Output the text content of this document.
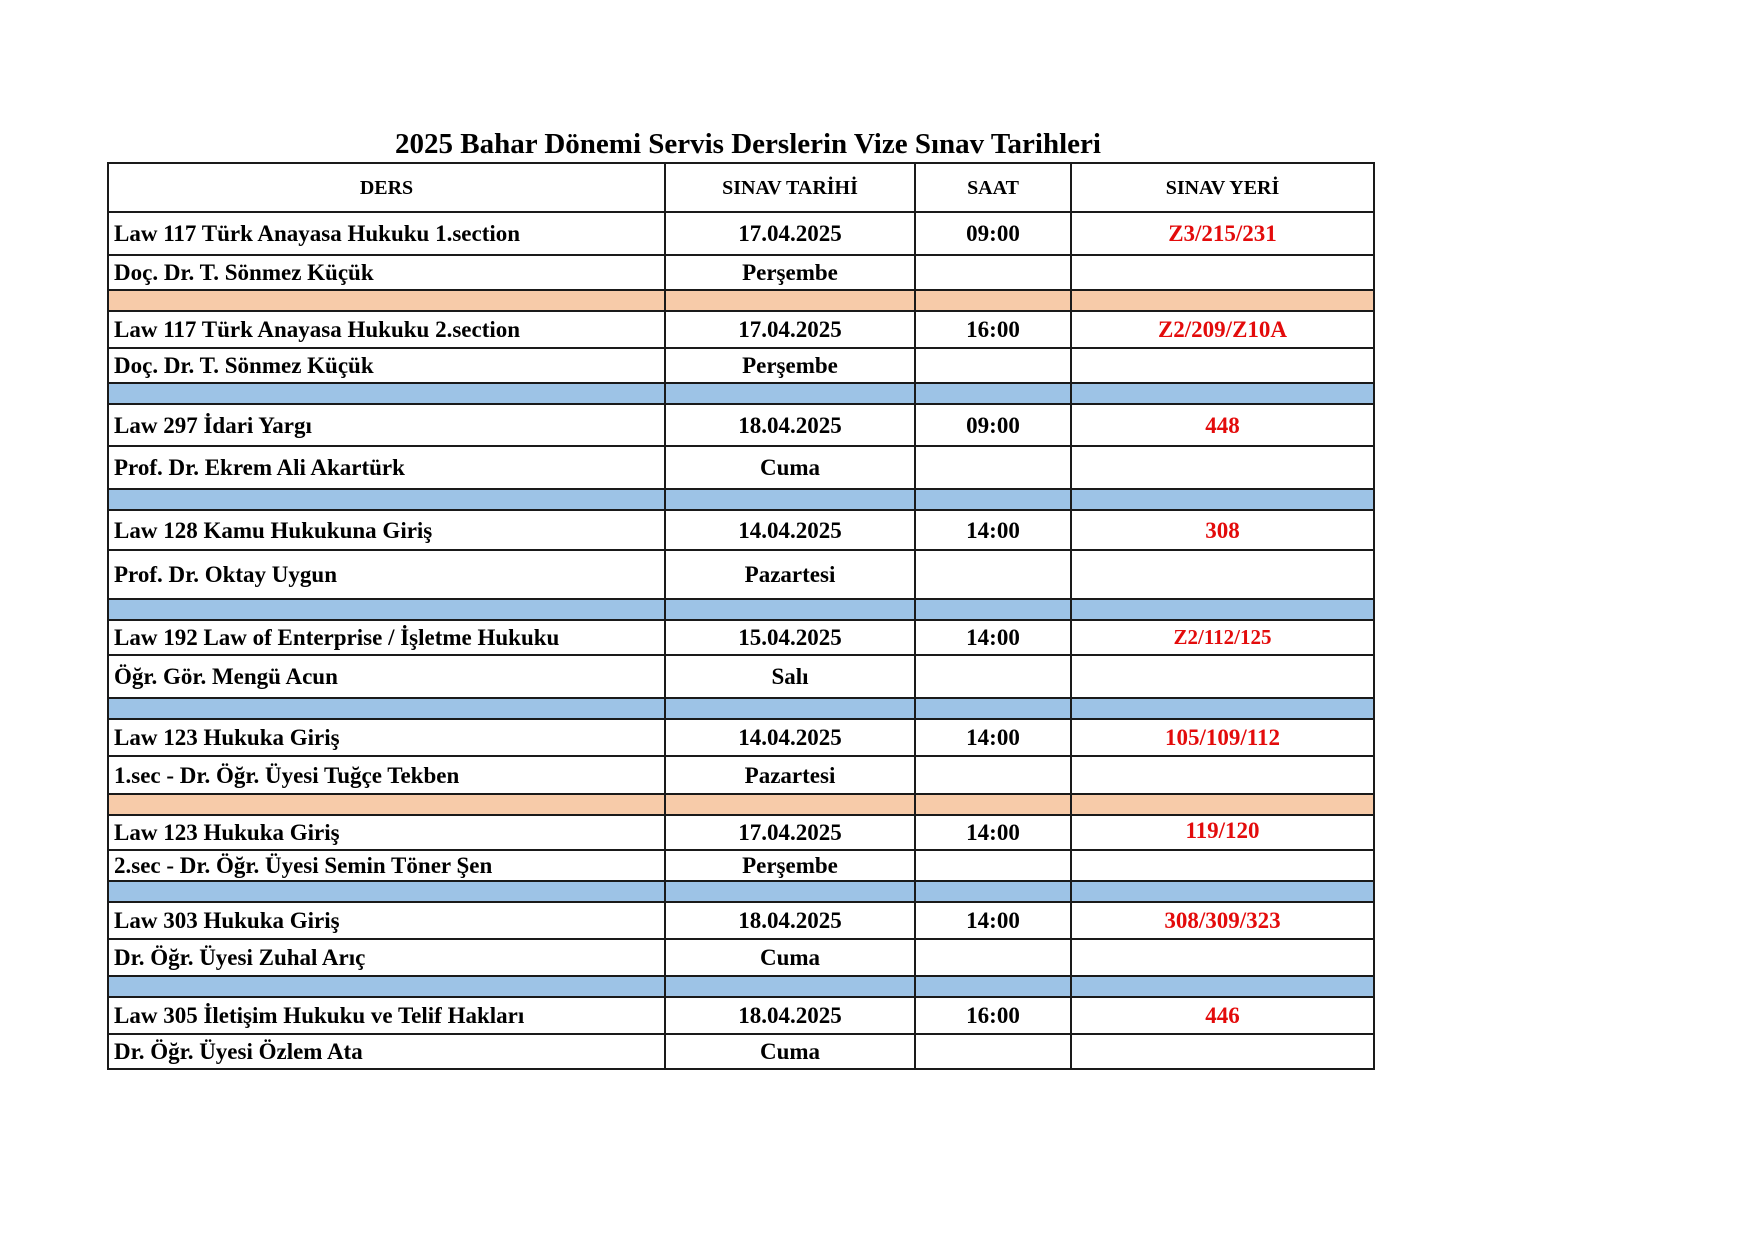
2025 Bahar Dönemi Servis Derslerin Vize Sınav Tarihleri
DERS	SINAV TARİHİ	SAAT	SINAV YERİ
Law 117 Türk Anayasa Hukuku 1.section	17.04.2025	09:00	Z3/215/231
Doç. Dr. T. Sönmez Küçük	Perşembe		

Law 117 Türk Anayasa Hukuku 2.section	17.04.2025	16:00	Z2/209/Z10A
Doç. Dr. T. Sönmez Küçük	Perşembe		

Law 297 İdari Yargı	18.04.2025	09:00	448
Prof. Dr. Ekrem Ali Akartürk	Cuma		

Law 128 Kamu Hukukuna Giriş	14.04.2025	14:00	308
Prof. Dr. Oktay Uygun	Pazartesi		

Law 192 Law of Enterprise / İşletme Hukuku	15.04.2025	14:00	Z2/112/125
Öğr. Gör. Mengü Acun	Salı		

Law 123 Hukuka Giriş	14.04.2025	14:00	105/109/112
1.sec - Dr. Öğr. Üyesi Tuğçe Tekben	Pazartesi		

Law 123 Hukuka Giriş	17.04.2025	14:00	119/120
2.sec - Dr. Öğr. Üyesi Semin Töner Şen	Perşembe		

Law 303 Hukuka Giriş	18.04.2025	14:00	308/309/323
Dr. Öğr. Üyesi Zuhal Arıç	Cuma		

Law 305 İletişim Hukuku ve Telif Hakları	18.04.2025	16:00	446
Dr. Öğr. Üyesi Özlem Ata	Cuma		
